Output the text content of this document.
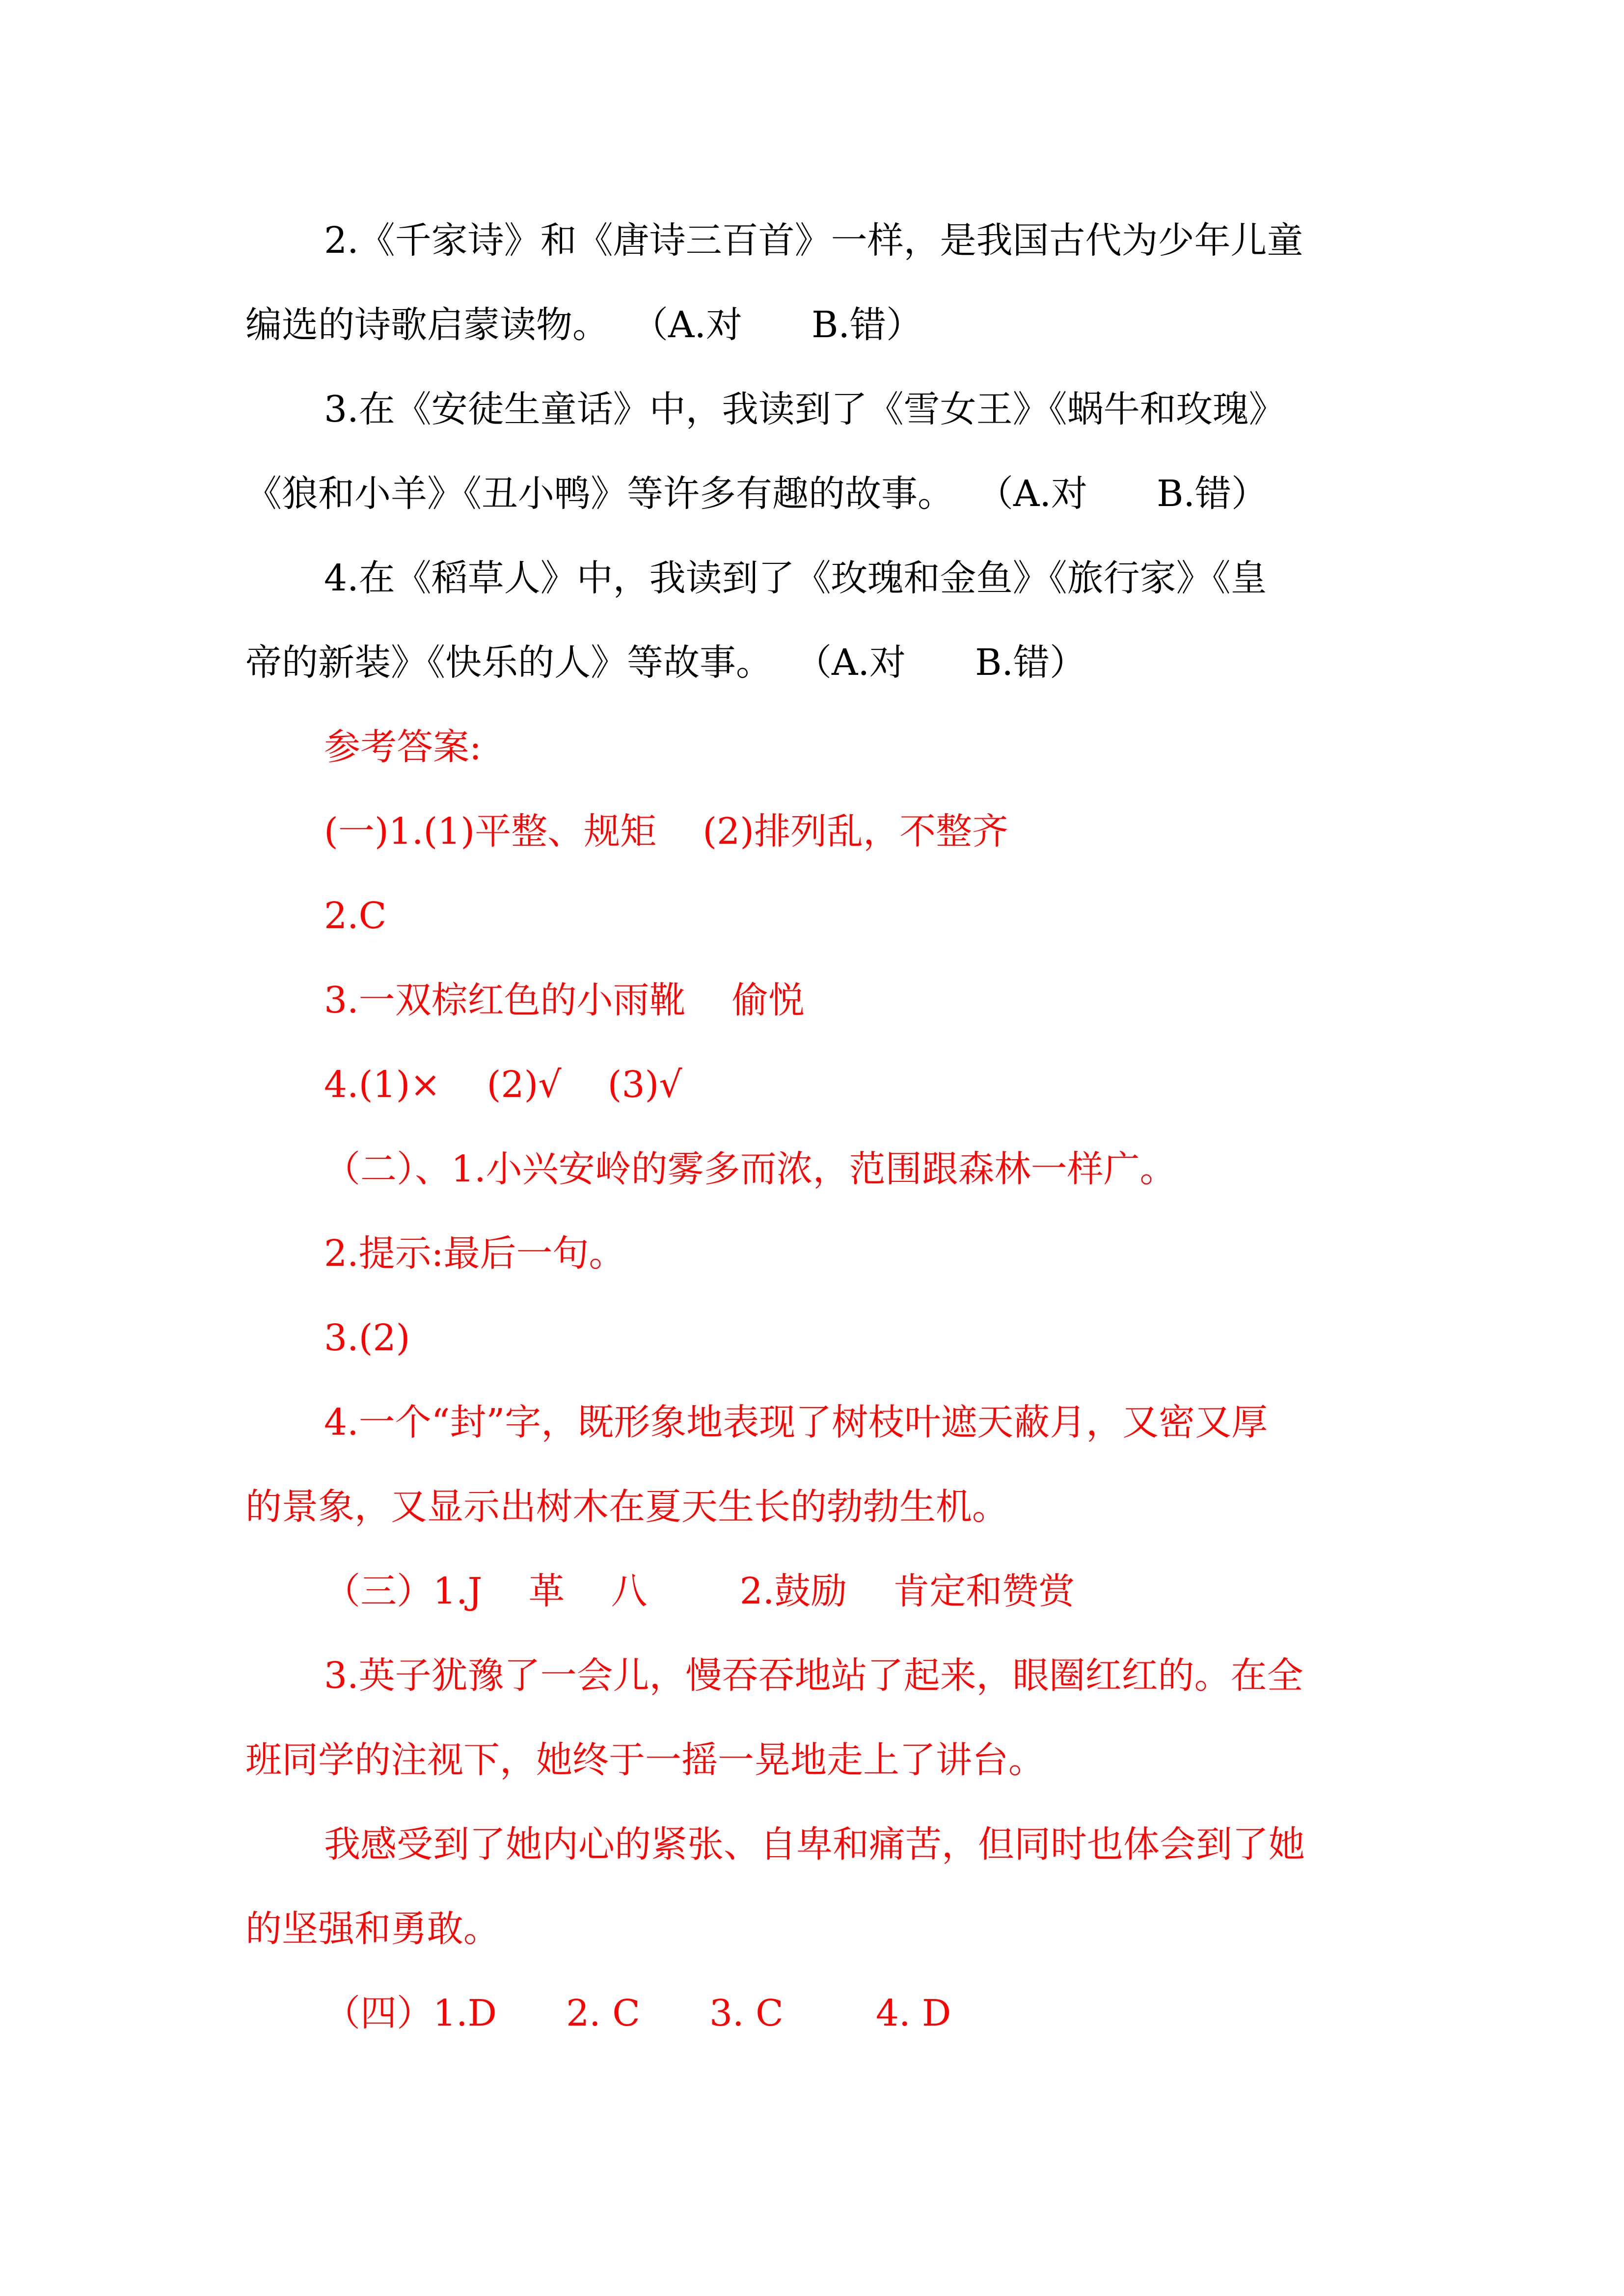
2.《千家诗》和《唐诗三百首》一样，是我国古代为少年儿童
编选的诗歌启蒙读物。  （A.对      B.错）
3.在《安徒生童话》中，我读到了《雪女王》《蜗牛和玫瑰》
《狼和小羊》《丑小鸭》等许多有趣的故事。  （A.对      B.错）
4.在《稻草人》中，我读到了《玫瑰和金鱼》《旅行家》《皇
帝的新装》《快乐的人》等故事。  （A.对      B.错）
参考答案:
(一)1.(1)平整、规矩    (2)排列乱，不整齐
2.C
3.一双棕红色的小雨靴    偷悦
4.(1)×    (2)√    (3)√
（二）、1.小兴安岭的雾多而浓，范围跟森林一样广。
2.提示:最后一句。
3.(2)
4.一个“封”字，既形象地表现了树枝叶遮天蔽月，又密又厚
的景象，又显示出树木在夏天生长的勃勃生机。
（三）1.J    革    八        2.鼓励    肯定和赞赏
3.英子犹豫了一会儿，慢吞吞地站了起来，眼圈红红的。在全
班同学的注视下，她终于一摇一晃地走上了讲台。
我感受到了她内心的紧张、自卑和痛苦，但同时也体会到了她
的坚强和勇敢。
（四）1.D      2. C      3. C        4. D
